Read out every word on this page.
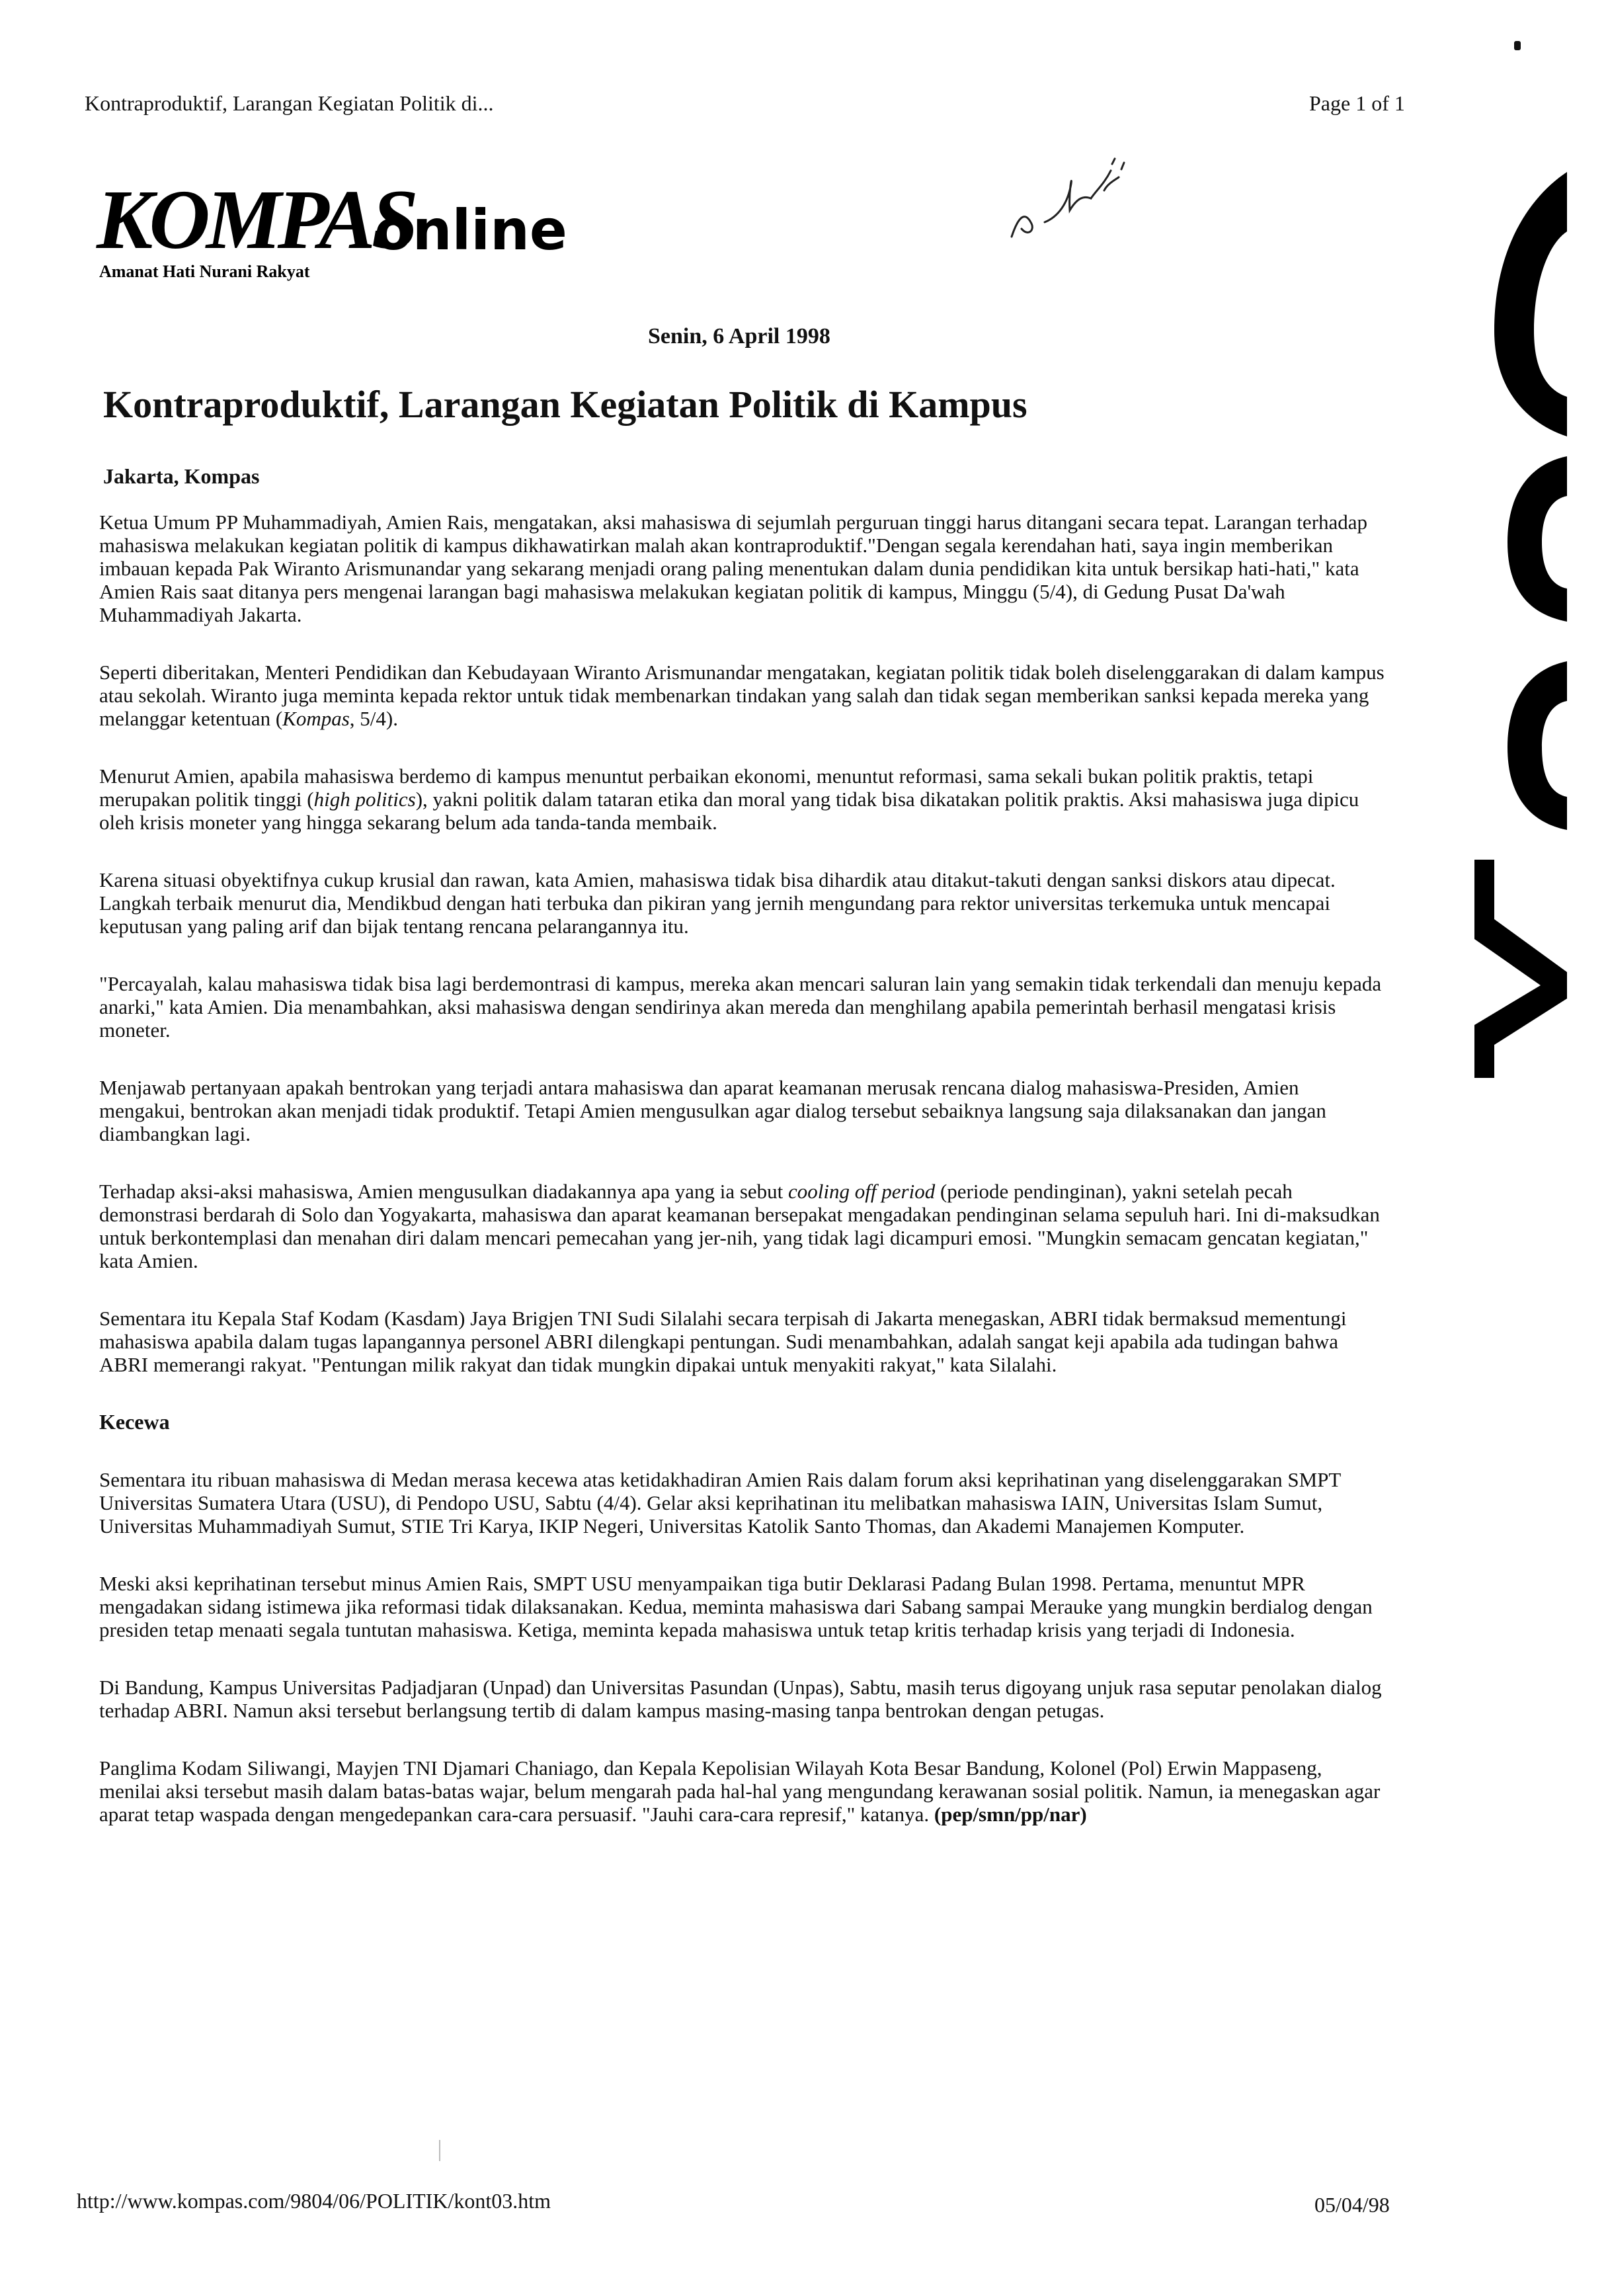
Kontraproduktif, Larangan Kegiatan Politik di...	Page 1 of 1
KOMPAS
online
Amanat Hati Nurani Rakyat
Senin, 6 April 1998
Kontraproduktif, Larangan Kegiatan Politik di Kampus
Jakarta, Kompas

Ketua Umum PP Muhammadiyah, Amien Rais, mengatakan, aksi mahasiswa di sejumlah perguruan tinggi harus ditangani secara tepat. Larangan terhadap mahasiswa melakukan kegiatan politik di kampus dikhawatirkan malah akan kontraproduktif."Dengan segala kerendahan hati, saya ingin memberikan imbauan kepada Pak Wiranto Arismunandar yang sekarang menjadi orang paling menentukan dalam dunia pendidikan kita untuk bersikap hati-hati," kata Amien Rais saat ditanya pers mengenai larangan bagi mahasiswa melakukan kegiatan politik di kampus, Minggu (5/4), di Gedung Pusat Da'wah Muhammadiyah Jakarta.

Seperti diberitakan, Menteri Pendidikan dan Kebudayaan Wiranto Arismunandar mengatakan, kegiatan politik tidak boleh diselenggarakan di dalam kampus atau sekolah. Wiranto juga meminta kepada rektor untuk tidak membenarkan tindakan yang salah dan tidak segan memberikan sanksi kepada mereka yang melanggar ketentuan (Kompas, 5/4).

Menurut Amien, apabila mahasiswa berdemo di kampus menuntut perbaikan ekonomi, menuntut reformasi, sama sekali bukan politik praktis, tetapi merupakan politik tinggi (high politics), yakni politik dalam tataran etika dan moral yang tidak bisa dikatakan politik praktis. Aksi mahasiswa juga dipicu oleh krisis moneter yang hingga sekarang belum ada tanda-tanda membaik.

Karena situasi obyektifnya cukup krusial dan rawan, kata Amien, mahasiswa tidak bisa dihardik atau ditakut-takuti dengan sanksi diskors atau dipecat. Langkah terbaik menurut dia, Mendikbud dengan hati terbuka dan pikiran yang jernih mengundang para rektor universitas terkemuka untuk mencapai keputusan yang paling arif dan bijak tentang rencana pelarangannya itu.

"Percayalah, kalau mahasiswa tidak bisa lagi berdemontrasi di kampus, mereka akan mencari saluran lain yang semakin tidak terkendali dan menuju kepada anarki," kata Amien. Dia menambahkan, aksi mahasiswa dengan sendirinya akan mereda dan menghilang apabila pemerintah berhasil mengatasi krisis moneter.

Menjawab pertanyaan apakah bentrokan yang terjadi antara mahasiswa dan aparat keamanan merusak rencana dialog mahasiswa-Presiden, Amien mengakui, bentrokan akan menjadi tidak produktif. Tetapi Amien mengusulkan agar dialog tersebut sebaiknya langsung saja dilaksanakan dan jangan diambangkan lagi.

Terhadap aksi-aksi mahasiswa, Amien mengusulkan diadakannya apa yang ia sebut cooling off period (periode pendinginan), yakni setelah pecah demonstrasi berdarah di Solo dan Yogyakarta, mahasiswa dan aparat keamanan bersepakat mengadakan pendinginan selama sepuluh hari. Ini di-maksudkan untuk berkontemplasi dan menahan diri dalam mencari pemecahan yang jer-nih, yang tidak lagi dicampuri emosi. "Mungkin semacam gencatan kegiatan," kata Amien.

Sementara itu Kepala Staf Kodam (Kasdam) Jaya Brigjen TNI Sudi Silalahi secara terpisah di Jakarta menegaskan, ABRI tidak bermaksud mementungi mahasiswa apabila dalam tugas lapangannya personel ABRI dilengkapi pentungan. Sudi menambahkan, adalah sangat keji apabila ada tudingan bahwa ABRI memerangi rakyat. "Pentungan milik rakyat dan tidak mungkin dipakai untuk menyakiti rakyat," kata Silalahi.

Kecewa

Sementara itu ribuan mahasiswa di Medan merasa kecewa atas ketidakhadiran Amien Rais dalam forum aksi keprihatinan yang diselenggarakan SMPT Universitas Sumatera Utara (USU), di Pendopo USU, Sabtu (4/4). Gelar aksi keprihatinan itu melibatkan mahasiswa IAIN, Universitas Islam Sumut, Universitas Muhammadiyah Sumut, STIE Tri Karya, IKIP Negeri, Universitas Katolik Santo Thomas, dan Akademi Manajemen Komputer.

Meski aksi keprihatinan tersebut minus Amien Rais, SMPT USU menyampaikan tiga butir Deklarasi Padang Bulan 1998. Pertama, menuntut MPR mengadakan sidang istimewa jika reformasi tidak dilaksanakan. Kedua, meminta mahasiswa dari Sabang sampai Merauke yang mungkin berdialog dengan presiden tetap menaati segala tuntutan mahasiswa. Ketiga, meminta kepada mahasiswa untuk tetap kritis terhadap krisis yang terjadi di Indonesia.

Di Bandung, Kampus Universitas Padjadjaran (Unpad) dan Universitas Pasundan (Unpas), Sabtu, masih terus digoyang unjuk rasa seputar penolakan dialog terhadap ABRI. Namun aksi tersebut berlangsung tertib di dalam kampus masing-masing tanpa bentrokan dengan petugas.

Panglima Kodam Siliwangi, Mayjen TNI Djamari Chaniago, dan Kepala Kepolisian Wilayah Kota Besar Bandung, Kolonel (Pol) Erwin Mappaseng, menilai aksi tersebut masih dalam batas-batas wajar, belum mengarah pada hal-hal yang mengundang kerawanan sosial politik. Namun, ia menegaskan agar aparat tetap waspada dengan mengedepankan cara-cara persuasif. "Jauhi cara-cara represif," katanya. (pep/smn/pp/nar)

http://www.kompas.com/9804/06/POLITIK/kont03.htm	05/04/98
